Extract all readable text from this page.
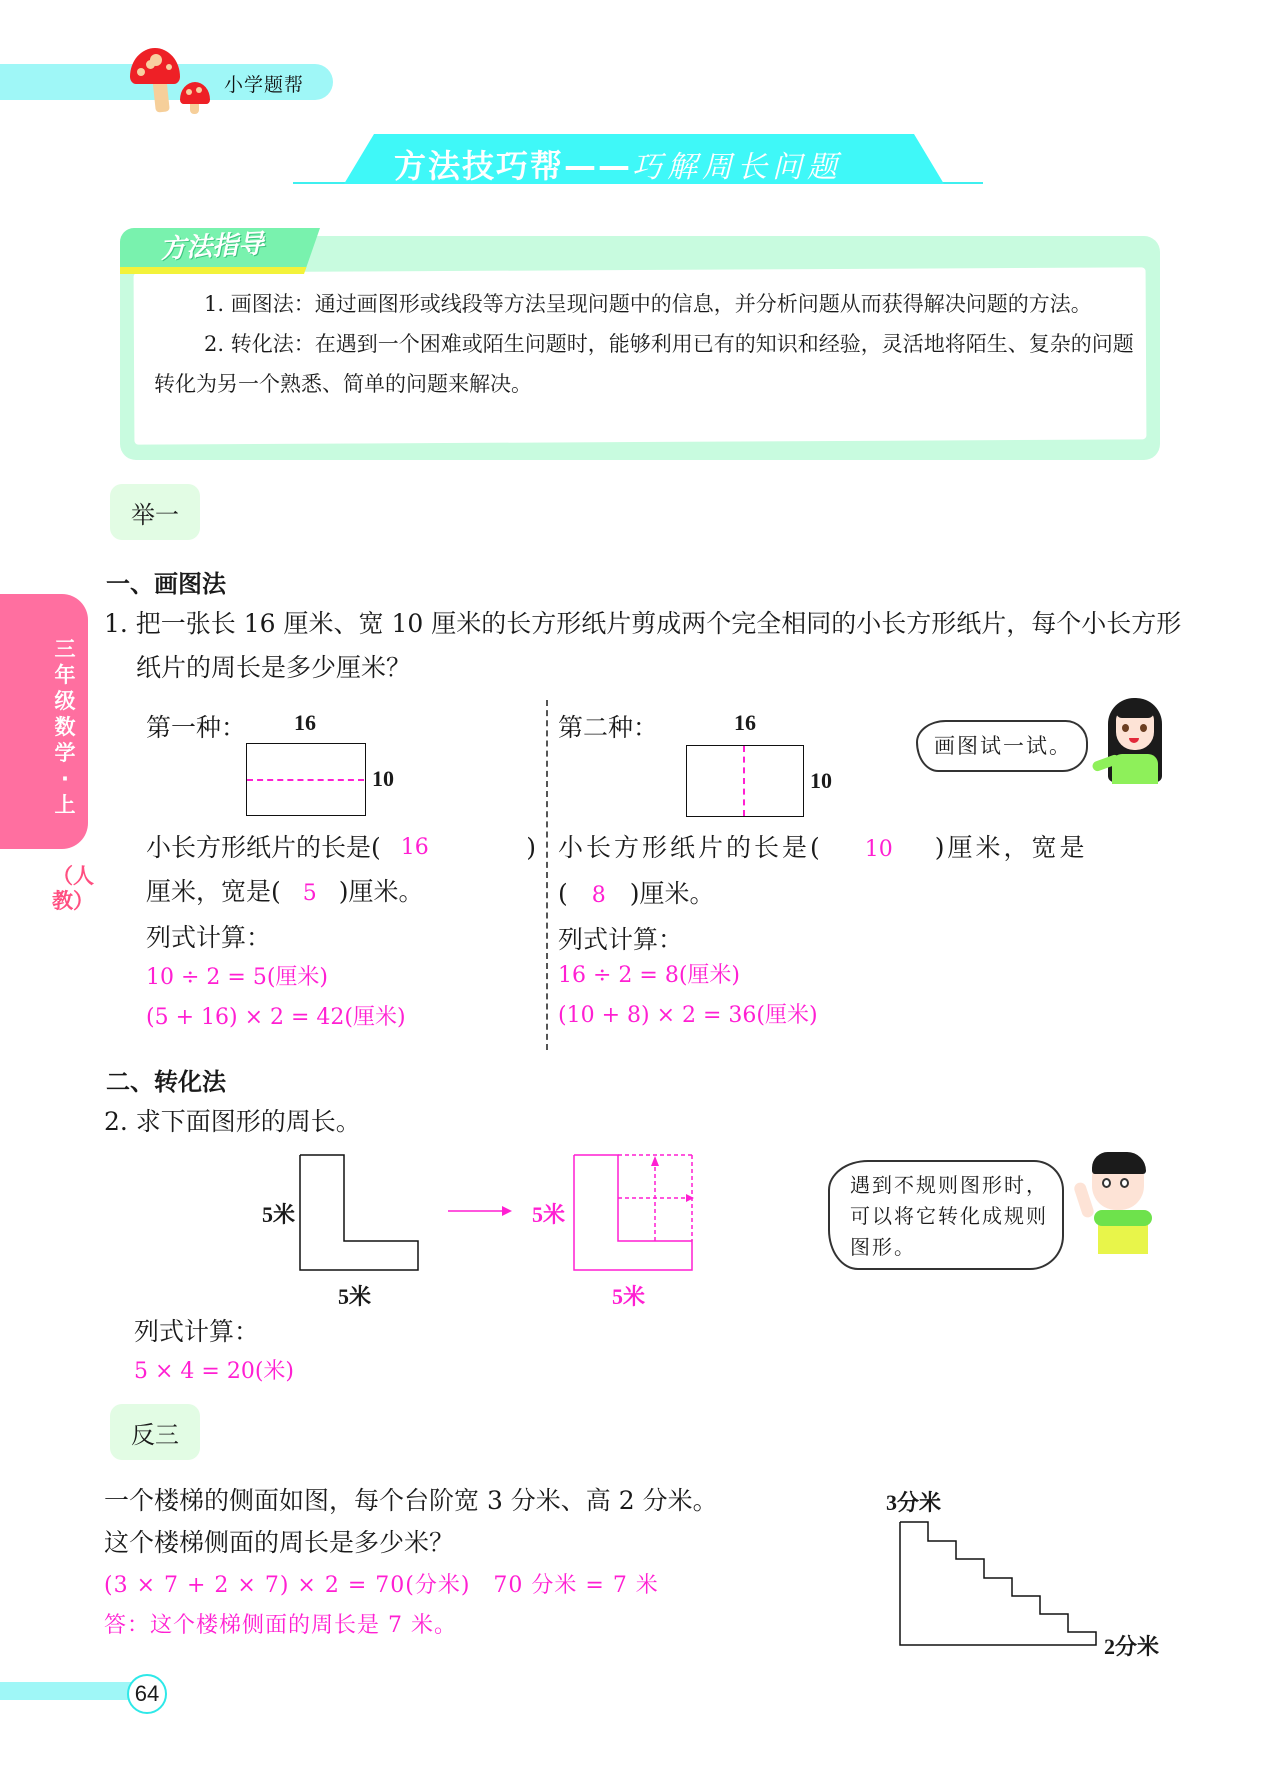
小学题帮
方法技巧帮——巧解周长问题
方法指导

1. 画图法：通过画图形或线段等方法呈现问题中的信息，并分析问题从而获得解决问题的方法。

2. 转化法：在遇到一个困难或陌生问题时，能够利用已有的知识和经验，灵活地将陌生、复杂的问题转化为另一个熟悉、简单的问题来解决。

三年级数学·上
（人教）
举一
一、画图法
1. 把一张长 16 厘米、宽 10 厘米的长方形纸片剪成两个完全相同的小长方形纸片，每个小长方形纸片的周长是多少厘米？
第一种： 16
10
小长方形纸片的长是( 16	)
厘米，宽是( 5 )厘米。
列式计算：
10 ÷ 2 = 5(厘米)
(5 + 16) × 2 = 42(厘米)
第二种：	16
10
小长方形纸片的长是( 10 )厘米，宽是
( 8 )厘米。
列式计算：
16 ÷ 2 = 8(厘米)
(10 + 8) × 2 = 36(厘米)
画图试一试。
二、转化法
2. 求下面图形的周长。
5米
5米
5米
5米
遇到不规则图形时，可以将它转化成规则图形。
列式计算：
5 × 4 = 20(米)
反三
一个楼梯的侧面如图，每个台阶宽 3 分米、高 2 分米。
这个楼梯侧面的周长是多少米？
(3 × 7 + 2 × 7) × 2 = 70(分米)　70 分米 = 7 米
答：这个楼梯侧面的周长是 7 米。
3分米
2分米
64
